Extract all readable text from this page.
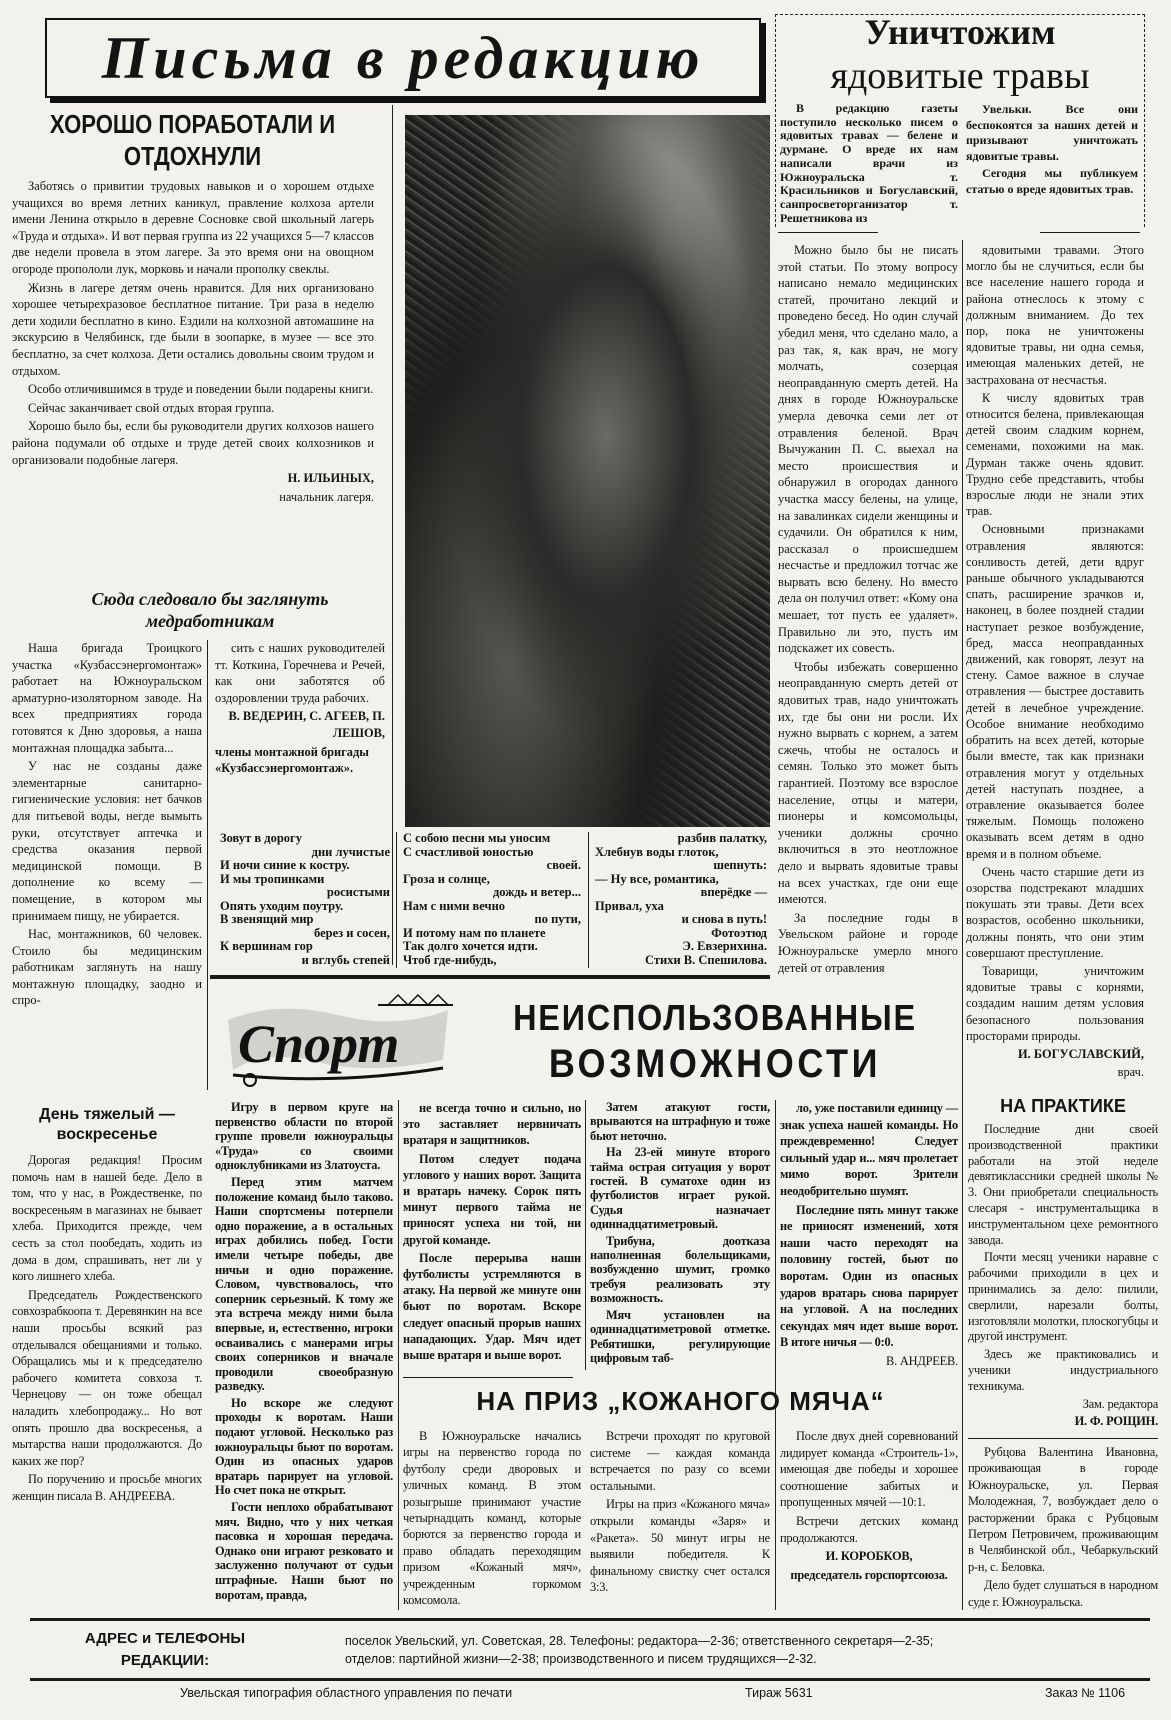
Письма в редакцию	Уничтожим
ядовитые травы

В редакцию газеты поступило несколько писем о ядовитых травах — белене и дурмане. О вреде их нам написали врачи из Южноуральска т. Красильников и Богуславский, санпросветорганизатор т. Решетникова из

Увельки. Все они беспокоятся за наших детей и призывают уничтожать ядовитые травы.

Сегодня мы публикуем статью о вреде ядовитых трав.

Можно было бы не писать этой статьи. По этому вопросу написано немало медицинских статей, прочитано лекций и проведено бесед. Но один случай убедил меня, что сделано мало, а раз так, я, как врач, не могу молчать, созерцая неоправданную смерть детей. На днях в городе Южноуральске умерла девочка семи лет от отравления беленой. Врач Вычужанин П. С. выехал на место происшествия и обнаружил в огородах данного участка массу белены, на улице, на завалинках сидели женщины и судачили. Он обратился к ним, рассказал о происшедшем несчастье и предложил тотчас же вырвать всю белену. Но вместо дела он получил ответ: «Кому она мешает, тот пусть ее удаляет». Правильно ли это, пусть им подскажет их совесть.

Чтобы избежать совершенно неоправданную смерть детей от ядовитых трав, надо уничтожать их, где бы они ни росли. Их нужно вырвать с корнем, а затем сжечь, чтобы не осталось и семян. Только это может быть гарантией. Поэтому все взрослое население, отцы и матери, пионеры и комсомольцы, ученики должны срочно включиться в это неотложное дело и вырвать ядовитые травы на всех участках, где они еще имеются.

За последние годы в Увельском районе и городе Южноуральске умерло много детей от отравления

ядовитыми травами. Этого могло бы не случиться, если бы все население нашего города и района отнеслось к этому с должным вниманием. До тех пор, пока не уничтожены ядовитые травы, ни одна семья, имеющая маленьких детей, не застрахована от несчастья.

К числу ядовитых трав относится белена, привлекающая детей своим сладким корнем, семенами, похожими на мак. Дурман также очень ядовит. Трудно себе представить, чтобы взрослые люди не знали этих трав.

Основными признаками отравления являются: сонливость детей, дети вдруг раньше обычного укладываются спать, расширение зрачков и, наконец, в более поздней стадии наступает резкое возбуждение, бред, масса неоправданных движений, как говорят, лезут на стену. Самое важное в случае отравления — быстрее доставить детей в лечебное учреждение. Особое внимание необходимо обратить на всех детей, которые были вместе, так как признаки отравления могут у отдельных детей наступать позднее, а отравление оказывается более тяжелым. Помощь положено оказывать всем детям в одно время и в полном объеме.

Очень часто старшие дети из озорства подстрекают младших покушать эти травы. Дети всех возрастов, особенно школьники, должны понять, что они этим совершают преступление.

Товарищи, уничтожим ядовитые травы с корнями, создадим нашим детям условия безопасного пользования просторами природы.

И. БОГУСЛАВСКИЙ,

врач.

ХОРОШО ПОРАБОТАЛИ И ОТДОХНУЛИ

Заботясь о привитии трудовых навыков и о хорошем отдыхе учащихся во время летних каникул, правление колхоза артели имени Ленина открыло в деревне Сосновке свой школьный лагерь «Труда и отдыха». И вот первая группа из 22 учащихся 5—7 классов две недели провела в этом лагере. За это время они на овощном огороде пропололи лук, морковь и начали прополку свеклы.

Жизнь в лагере детям очень нравится. Для них организовано хорошее четырехразовое бесплатное питание. Три раза в неделю дети ходили бесплатно в кино. Ездили на колхозной автомашине на экскурсию в Челябинск, где были в зоопарке, в музее — все это бесплатно, за счет колхоза. Дети остались довольны своим трудом и отдыхом.

Особо отличившимся в труде и поведении были подарены книги.

Сейчас заканчивает свой отдых вторая группа.

Хорошо было бы, если бы руководители других колхозов нашего района подумали об отдыхе и труде детей своих колхозников и организовали подобные лагеря.

Н. ИЛЬИНЫХ,

начальник лагеря.

Сюда следовало бы заглянуть медработникам

Наша бригада Троицкого участка «Кузбассэнергомонтаж» работает на Южноуральском арматурно-изоляторном заводе. На всех предприятиях города готовятся к Дню здоровья, а наша монтажная площадка забыта...

У нас не созданы даже элементарные санитарно-гигиенические условия: нет бачков для питьевой воды, негде вымыть руки, отсутствует аптечка и средства оказания первой медицинской помощи. В дополнение ко всему — помещение, в котором мы принимаем пищу, не убирается.

Нас, монтажников, 60 человек. Стоило бы медицинским работникам заглянуть на нашу монтажную площадку, заодно и спро-

сить с наших руководителей тт. Коткина, Горечнева и Речей, как они заботятся об оздоровлении труда рабочих.

В. ВЕДЕРИН, С. АГЕЕВ, П. ЛЕШОВ,

члены монтажной бригады «Кузбассэнергомонтаж».

Зовут в дорогу
дни лучистые
И ночи синие к костру.
И мы тропинками
росистыми
Опять уходим поутру.
В звенящий мир
берез и сосен,
К вершинам гор
и вглубь степей
С собою песни мы уносим
С счастливой юностью
своей.
Гроза и солнце,
дождь и ветер...
Нам с ними вечно
по пути,
И потому нам по планете
Так долго хочется идти.
Чтоб где-нибудь,
разбив палатку,
Хлебнув воды глоток,
шепнуть:
— Ну все, романтика,
вперёдке —
Привал, уха
и снова в путь!
Фотоэтюд
Э. Евзерихина.
Стихи В. Спешилова.
Спорт	НЕИСПОЛЬЗОВАННЫЕ
ВОЗМОЖНОСТИ

Игру в первом круге на первенство области по второй группе провели южноуральцы «Труда» со своими одноклубниками из Златоуста.

Перед этим матчем положение команд было таково. Наши спортсмены потерпели одно поражение, а в остальных играх добились побед. Гости имели четыре победы, две ничьи и одно поражение. Словом, чувствовалось, что соперник серьезный. К тому же эта встреча между ними была впервые, и, естественно, игроки осваивались с манерами игры своих соперников и вначале проводили своеобразную разведку.

Но вскоре же следуют проходы к воротам. Наши подают угловой. Несколько раз южноуральцы бьют по воротам. Один из опасных ударов вратарь парирует на угловой. Но счет пока не открыт.

Гости неплохо обрабатывают мяч. Видно, что у них четкая пасовка и хорошая передача. Однако они играют резковато и заслуженно получают от судьи штрафные. Наши бьют по воротам, правда,

не всегда точно и сильно, но это заставляет нервничать вратаря и защитников.

Потом следует подача углового у наших ворот. Защита и вратарь начеку. Сорок пять минут первого тайма не приносят успеха ни той, ни другой команде.

После перерыва наши футболисты устремляются в атаку. На первой же минуте они бьют по воротам. Вскоре следует опасный прорыв наших нападающих. Удар. Мяч идет выше вратаря и выше ворот.

Затем атакуют гости, врываются на штрафную и тоже бьют неточно.

На 23-ей минуте второго тайма острая ситуация у ворот гостей. В суматохе один из футболистов играет рукой. Судья назначает одиннадцатиметровый.

Трибуна, доотказа наполненная болельщиками, возбужденно шумит, громко требуя реализовать эту возможность.

Мяч установлен на одиннадцатиметровой отметке. Ребятишки, регулирующие цифровым таб-

ло, уже поставили единицу — знак успеха нашей команды. Но преждевременно! Следует сильный удар и... мяч пролетает мимо ворот. Зрители неодобрительно шумят.

Последние пять минут также не приносят изменений, хотя наши часто переходят на половину гостей, бьют по воротам. Один из опасных ударов вратарь снова парирует на угловой. А на последних секундах мяч идет выше ворот. В итоге ничья — 0:0.

В. АНДРЕЕВ.

НА ПРИЗ „КОЖАНОГО МЯЧА“

В Южноуральске начались игры на первенство города по футболу среди дворовых и уличных команд. В этом розыгрыше принимают участие четырнадцать команд, которые борются за первенство города и право обладать переходящим призом «Кожаный мяч», учрежденным горкомом комсомола.

Встречи проходят по круговой системе — каждая команда встречается по разу со всеми остальными.

Игры на приз «Кожаного мяча» открыли команды «Заря» и «Ракета». 50 минут игры не выявили победителя. К финальному свистку счет остался 3:3.

После двух дней соревнований лидирует команда «Строитель-1», имеющая две победы и хорошее соотношение забитых и пропущенных мячей —10:1.

Встречи детских команд продолжаются.

И. КОРОБКОВ,

председатель горспортсоюза.

День тяжелый — воскресенье

Дорогая редакция! Просим помочь нам в нашей беде. Дело в том, что у нас, в Рождественке, по воскресеньям в магазинах не бывает хлеба. Приходится прежде, чем сесть за стол пообедать, ходить из дома в дом, спрашивать, нет ли у кого лишнего хлеба.

Председатель Рождественского совхозрабкоопа т. Деревянкин на все наши просьбы всякий раз отделывался обещаниями и только. Обращались мы и к председателю рабочего комитета совхоза т. Чернецову — он тоже обещал наладить хлебопродажу... Но вот опять прошло два воскресенья, а мытарства наши продолжаются. До каких же пор?

По поручению и просьбе многих женщин писала В. АНДРЕЕВА.

НА ПРАКТИКЕ

Последние дни своей производственной практики работали на этой неделе девятиклассники средней школы № 3. Они приобретали специальность слесаря - инструментальщика в инструментальном цехе ремонтного завода.

Почти месяц ученики наравне с рабочими приходили в цех и принимались за дело: пилили, сверлили, нарезали болты, изготовляли молотки, плоскогубцы и другой инструмент.

Здесь же практиковались и ученики индустриального техникума.

Зам. редактора

И. Ф. РОЩИН.

Рубцова Валентина Ивановна, проживающая в городе Южноуральске, ул. Первая Молодежная, 7, возбуждает дело о расторжении брака с Рубцовым Петром Петровичем, проживающим в Челябинской обл., Чебаркульский р-н, с. Беловка.

Дело будет слушаться в народном суде г. Южноуральска.

АДРЕС и ТЕЛЕФОНЫ
РЕДАКЦИИ:
поселок Увельский, ул. Советская, 28. Телефоны: редактора—2-36; ответственного секретаря—2-35;
отделов: партийной жизни—2-38; производственного и писем трудящихся—2-32.
Увельская типография областного управления по печати	Тираж 5631	Заказ № 1106
